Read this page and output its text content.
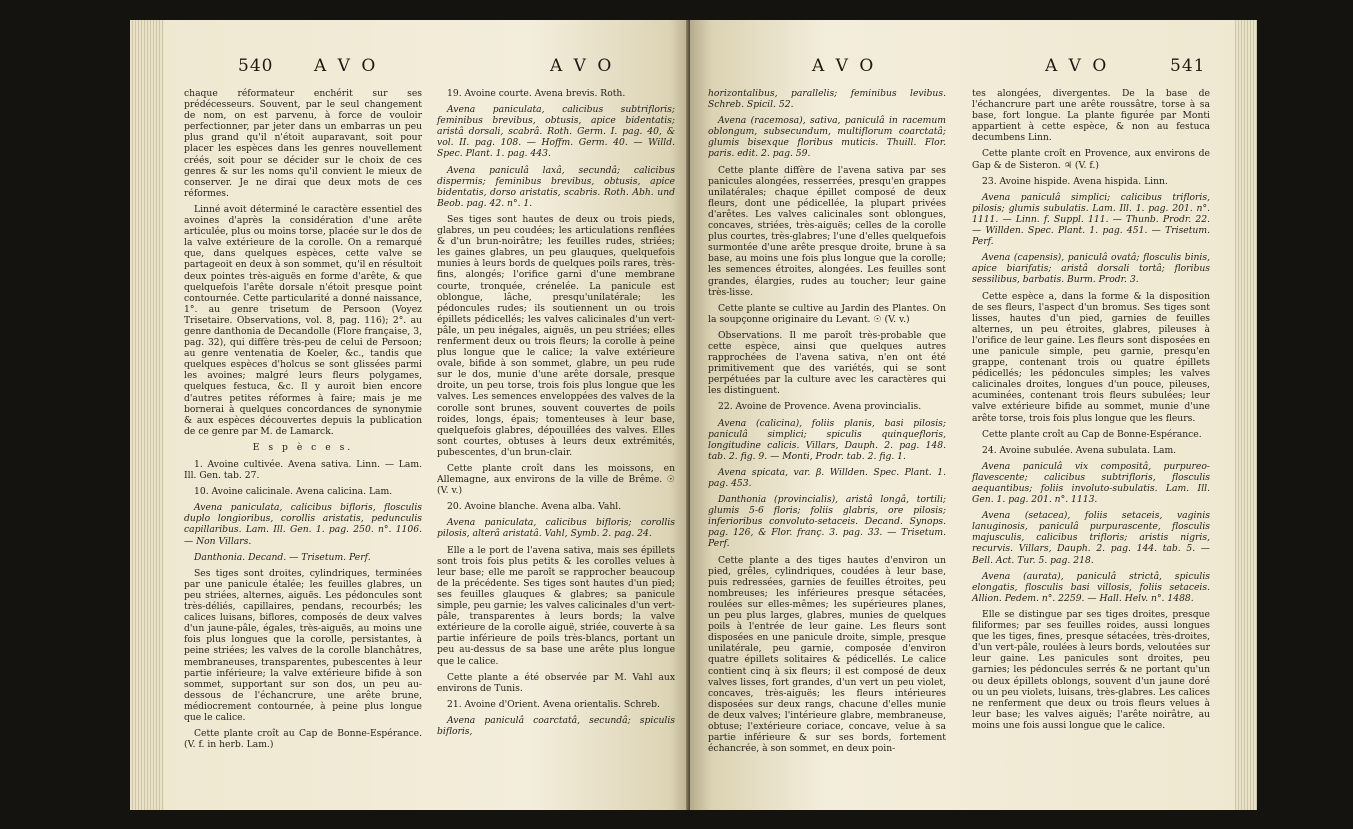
540 A V O	A V O

chaque réformateur enchérit sur ses prédécesseurs. Souvent, par le seul changement de nom, on est parvenu, à force de vouloir perfectionner, par jeter dans un embarras un peu plus grand qu'il n'étoit auparavant, soit pour placer les espèces dans les genres nouvellement créés, soit pour se décider sur le choix de ces genres & sur les noms qu'il convient le mieux de conserver. Je ne dirai que deux mots de ces réformes.

Linné avoit déterminé le caractère essentiel des avoines d'après la considération d'une arête articulée, plus ou moins torse, placée sur le dos de la valve extérieure de la corolle. On a remarqué que, dans quelques espèces, cette valve se partageoit en deux à son sommet, qu'il en résultoit deux pointes très-aiguës en forme d'arête, & que quelquefois l'arête dorsale n'étoit presque point contournée. Cette particularité a donné naissance, 1°. au genre trisetum de Persoon (Voyez Trisetaire. Observations, vol. 8, pag. 116); 2°. au genre danthonia de Decandolle (Flore française, 3, pag. 32), qui diffère très-peu de celui de Persoon; au genre ventenatia de Koeler, &c., tandis que quelques espèces d'holcus se sont glissées parmi les avoines; malgré leurs fleurs polygames, quelques festuca, &c. Il y auroit bien encore d'autres petites réformes à faire; mais je me bornerai à quelques concordances de synonymie & aux espèces découvertes depuis la publication de ce genre par M. de Lamarck.

E s p è c e s.

1. Avoine cultivée. Avena sativa. Linn. — Lam. Ill. Gen. tab. 27.

10. Avoine calicinale. Avena calicina. Lam.

Avena paniculata, calicibus bifloris, flosculis duplo longioribus, corollis aristatis, pedunculis capillaribus. Lam. Ill. Gen. 1. pag. 250. n°. 1106. — Non Villars.

Danthonia. Decand. — Trisetum. Perf.

Ses tiges sont droites, cylindriques, terminées par une panicule étalée; les feuilles glabres, un peu striées, alternes, aiguës. Les pédoncules sont très-déliés, capillaires, pendans, recourbés; les calices luisans, biflores, composés de deux valves d'un jaune-pâle, égales, très-aiguës, au moins une fois plus longues que la corolle, persistantes, à peine striées; les valves de la corolle blanchâtres, membraneuses, transparentes, pubescentes à leur partie inférieure; la valve extérieure bifide à son sommet, supportant sur son dos, un peu au-dessous de l'échancrure, une arête brune, médiocrement contournée, à peine plus longue que le calice.

Cette plante croît au Cap de Bonne-Espérance. (V. f. in herb. Lam.)

19. Avoine courte. Avena brevis. Roth.

Avena paniculata, calicibus subtrifloris; feminibus brevibus, obtusis, apice bidentatis; aristâ dorsali, scabrâ. Roth. Germ. I. pag. 40, & vol. II. pag. 108. — Hoffm. Germ. 40. — Willd. Spec. Plant. 1. pag. 443.

Avena paniculâ laxâ, secundâ; calicibus dispermis; feminibus brevibus, obtusis, apice bidentatis, dorso aristatis, scabris. Roth. Abh. und Beob. pag. 42. n°. 1.

Ses tiges sont hautes de deux ou trois pieds, glabres, un peu coudées; les articulations renflées & d'un brun-noirâtre; les feuilles rudes, striées; les gaines glabres, un peu glauques, quelquefois munies à leurs bords de quelques poils rares, très-fins, alongés; l'orifice garni d'une membrane courte, tronquée, crénelée. La panicule est oblongue, lâche, presqu'unilatérale; les pédoncules rudes; ils soutiennent un ou trois épillets pédicellés; les valves calicinales d'un vert-pâle, un peu inégales, aiguës, un peu striées; elles renferment deux ou trois fleurs; la corolle à peine plus longue que le calice; la valve extérieure ovale, bifide à son sommet, glabre, un peu rude sur le dos, munie d'une arête dorsale, presque droite, un peu torse, trois fois plus longue que les valves. Les semences enveloppées des valves de la corolle sont brunes, souvent couvertes de poils roides, longs, épais; tomenteuses à leur base, quelquefois glabres, dépouillées des valves. Elles sont courtes, obtuses à leurs deux extrémités, pubescentes, d'un brun-clair.

Cette plante croît dans les moissons, en Allemagne, aux environs de la ville de Brême. ☉ (V. v.)

20. Avoine blanche. Avena alba. Vahl.

Avena paniculata, calicibus bifloris; corollis pilosis, alterâ aristatâ. Vahl, Symb. 2. pag. 24.

Elle a le port de l'avena sativa, mais ses épillets sont trois fois plus petits & les corolles velues à leur base; elle me paroît se rapprocher beaucoup de la précédente. Ses tiges sont hautes d'un pied; ses feuilles glauques & glabres; sa panicule simple, peu garnie; les valves calicinales d'un vert-pâle, transparentes à leurs bords; la valve extérieure de la corolle aiguë, striée, couverte à sa partie inférieure de poils très-blancs, portant un peu au-dessus de sa base une arête plus longue que le calice.

Cette plante a été observée par M. Vahl aux environs de Tunis.

21. Avoine d'Orient. Avena orientalis. Schreb.

Avena paniculâ coarctatâ, secundâ; spiculis bifloris,

A V O	A V O	541

horizontalibus, parallelis; feminibus levibus. Schreb. Spicil. 52.

Avena (racemosa), sativa, paniculâ in racemum oblongum, subsecundum, multiflorum coarctatâ; glumis bisexque floribus muticis. Thuill. Flor. paris. edit. 2. pag. 59.

Cette plante diffère de l'avena sativa par ses panicules alongées, resserrées, presqu'en grappes unilatérales; chaque épillet composé de deux fleurs, dont une pédicellée, la plupart privées d'arêtes. Les valves calicinales sont oblongues, concaves, striées, très-aiguës; celles de la corolle plus courtes, très-glabres; l'une d'elles quelquefois surmontée d'une arête presque droite, brune à sa base, au moins une fois plus longue que la corolle; les semences étroites, alongées. Les feuilles sont grandes, élargies, rudes au toucher; leur gaine très-lisse.

Cette plante se cultive au Jardin des Plantes. On la soupçonne originaire du Levant. ☉ (V. v.)

Observations. Il me paroît très-probable que cette espèce, ainsi que quelques autres rapprochées de l'avena sativa, n'en ont été primitivement que des variétés, qui se sont perpétuées par la culture avec les caractères qui les distinguent.

22. Avoine de Provence. Avena provincialis.

Avena (calicina), foliis planis, basi pilosis; paniculâ simplici; spiculis quinquefloris, longitudine calicis. Villars, Dauph. 2. pag. 148. tab. 2. fig. 9. — Monti, Prodr. tab. 2. fig. 1.

Avena spicata, var. β. Willden. Spec. Plant. 1. pag. 453.

Danthonia (provincialis), aristâ longâ, tortili; glumis 5-6 floris; foliis glabris, ore pilosis; inferioribus convoluto-setaceis. Decand. Synops. pag. 126, & Flor. franç. 3. pag. 33. — Trisetum. Perf.

Cette plante a des tiges hautes d'environ un pied, grêles, cylindriques, coudées à leur base, puis redressées, garnies de feuilles étroites, peu nombreuses; les inférieures presque sétacées, roulées sur elles-mêmes; les supérieures planes, un peu plus larges, glabres, munies de quelques poils à l'entrée de leur gaine. Les fleurs sont disposées en une panicule droite, simple, presque unilatérale, peu garnie, composée d'environ quatre épillets solitaires & pédicellés. Le calice contient cinq à six fleurs; il est composé de deux valves lisses, fort grandes, d'un vert un peu violet, concaves, très-aiguës; les fleurs intérieures disposées sur deux rangs, chacune d'elles munie de deux valves; l'intérieure glabre, membraneuse, obtuse; l'extérieure coriace, concave, velue à sa partie inférieure & sur ses bords, fortement échancrée, à son sommet, en deux poin-

tes alongées, divergentes. De la base de l'échancrure part une arête roussâtre, torse à sa base, fort longue. La plante figurée par Monti appartient à cette espèce, & non au festuca decumbens Linn.

Cette plante croît en Provence, aux environs de Gap & de Sisteron. ♃ (V. f.)

23. Avoine hispide. Avena hispida. Linn.

Avena paniculâ simplici; calicibus trifloris, pilosis; glumis subulatis. Lam. Ill. 1. pag. 201. n°. 1111. — Linn. f. Suppl. 111. — Thunb. Prodr. 22. — Willden. Spec. Plant. 1. pag. 451. — Trisetum. Perf.

Avena (capensis), paniculâ ovatâ; flosculis binis, apice biarifatis; aristâ dorsali tortâ; floribus sessilibus, barbatis. Burm. Prodr. 3.

Cette espèce a, dans la forme & la disposition de ses fleurs, l'aspect d'un bromus. Ses tiges sont lisses, hautes d'un pied, garnies de feuilles alternes, un peu étroites, glabres, pileuses à l'orifice de leur gaine. Les fleurs sont disposées en une panicule simple, peu garnie, presqu'en grappe, contenant trois ou quatre épillets pédicellés; les pédoncules simples; les valves calicinales droites, longues d'un pouce, pileuses, acuminées, contenant trois fleurs subulées; leur valve extérieure bifide au sommet, munie d'une arête torse, trois fois plus longue que les fleurs.

Cette plante croît au Cap de Bonne-Espérance.

24. Avoine subulée. Avena subulata. Lam.

Avena paniculâ vix compositâ, purpureo-flavescente; calicibus subtrifloris, flosculis aequantibus; foliis involuto-subulatis. Lam. Ill. Gen. 1. pag. 201. n°. 1113.

Avena (setacea), foliis setaceis, vaginis lanuginosis, paniculâ purpurascente, flosculis majusculis, calicibus trifloris; aristis nigris, recurvis. Villars, Dauph. 2. pag. 144. tab. 5. — Bell. Act. Tur. 5. pag. 218.

Avena (aurata), paniculâ strictâ, spiculis elongatis, flosculis basi villosis, foliis setaceis. Allion. Pedem. n°. 2259. — Hall. Helv. n°. 1488.

Elle se distingue par ses tiges droites, presque filiformes; par ses feuilles roides, aussi longues que les tiges, fines, presque sétacées, très-droites, d'un vert-pâle, roulées à leurs bords, veloutées sur leur gaine. Les panicules sont droites, peu garnies; les pédoncules serrés & ne portant qu'un ou deux épillets oblongs, souvent d'un jaune doré ou un peu violets, luisans, très-glabres. Les calices ne renferment que deux ou trois fleurs velues à leur base; les valves aiguës; l'arête noirâtre, au moins une fois aussi longue que le calice.
